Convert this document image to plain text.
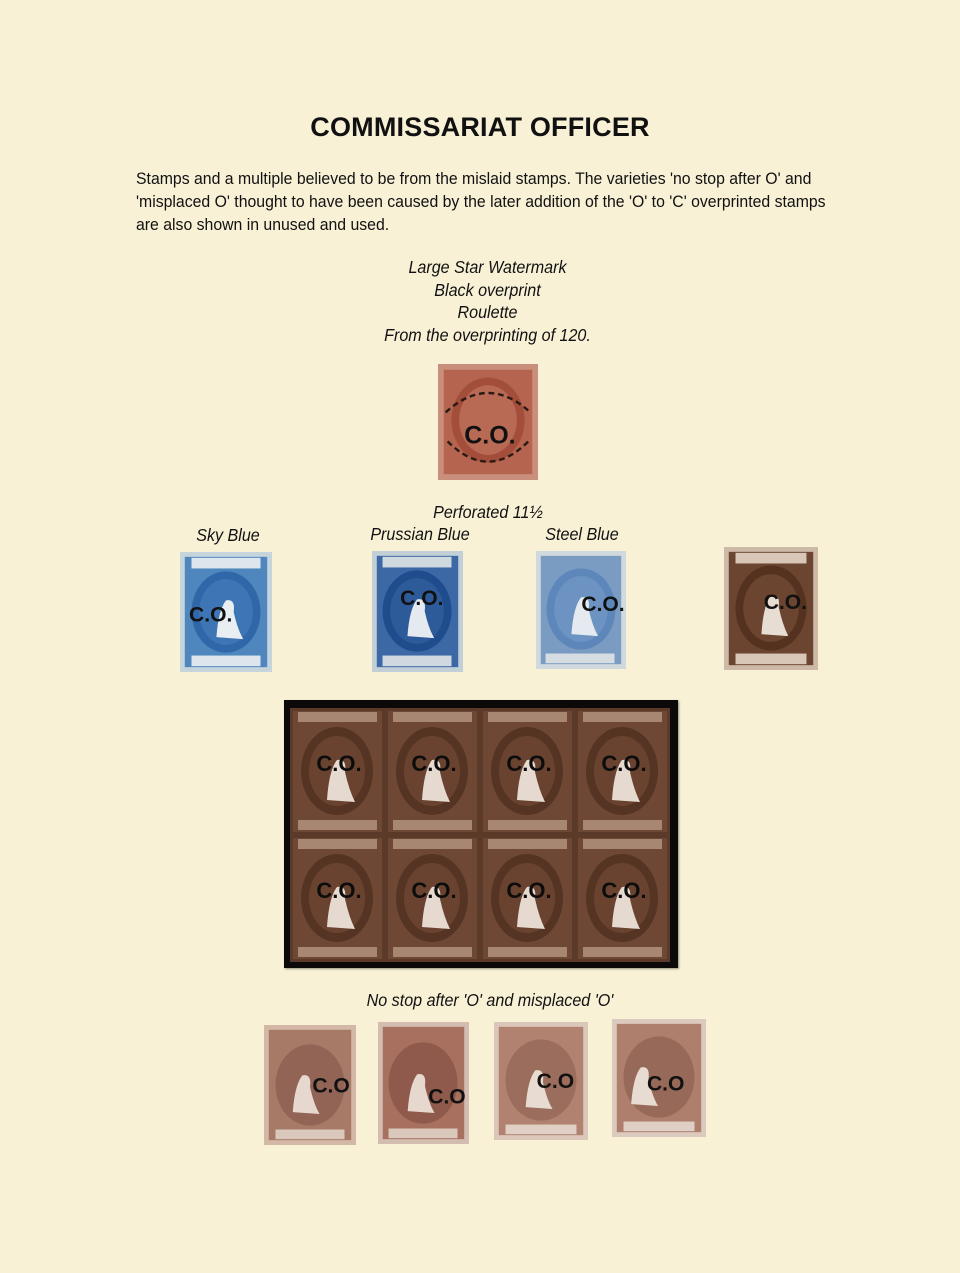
COMMISSARIAT OFFICER
Stamps and a multiple believed to be from the mislaid stamps. The varieties 'no stop after O' and
'misplaced O' thought to have been caused by the later addition of the 'O' to 'C' overprinted stamps
are also shown in unused and used.
Large Star Watermark
Black overprint
Roulette
From the overprinting of 120.
C.O.
Perforated 11½
Sky Blue	Prussian Blue	Steel Blue
C.O.
C.O.	C.O.	C.O.
C.O. C.O. C.O. C.O.
C.O. C.O. C.O. C.O.
No stop after 'O' and misplaced 'O'
C.O	C.O
C.O	C.O
